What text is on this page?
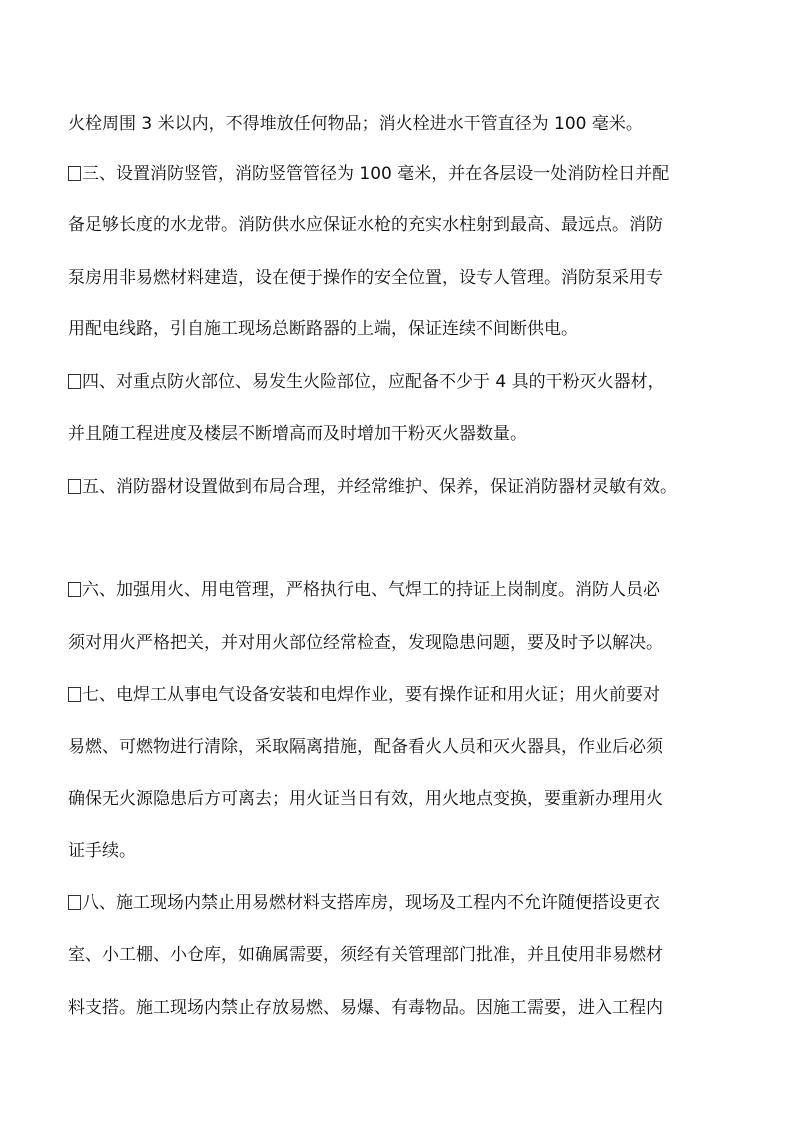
火栓周围 3 米以内，不得堆放任何物品；消火栓进水干管直径为 100 毫米。

三、设置消防竖管，消防竖管管径为 100 毫米，并在各层设一处消防栓日并配

备足够长度的水龙带。消防供水应保证水枪的充实水柱射到最高、最远点。消防

泵房用非易燃材料建造，设在便于操作的安全位置，设专人管理。消防泵采用专

用配电线路，引自施工现场总断路器的上端，保证连续不间断供电。

四、对重点防火部位、易发生火险部位，应配备不少于 4 具的干粉灭火器材，

并且随工程进度及楼层不断增高而及时增加干粉灭火器数量。

五、消防器材设置做到布局合理，并经常维护、保养，保证消防器材灵敏有效。

六、加强用火、用电管理，严格执行电、气焊工的持证上岗制度。消防人员必

须对用火严格把关，并对用火部位经常检查，发现隐患问题，要及时予以解决。

七、电焊工从事电气设备安装和电焊作业，要有操作证和用火证；用火前要对

易燃、可燃物进行清除，采取隔离措施，配备看火人员和灭火器具，作业后必须

确保无火源隐患后方可离去；用火证当日有效，用火地点变换，要重新办理用火

证手续。

八、施工现场内禁止用易燃材料支搭库房，现场及工程内不允许随便搭设更衣

室、小工棚、小仓库，如确属需要，须经有关管理部门批准，并且使用非易燃材

料支搭。施工现场内禁止存放易燃、易爆、有毒物品。因施工需要，进入工程内
